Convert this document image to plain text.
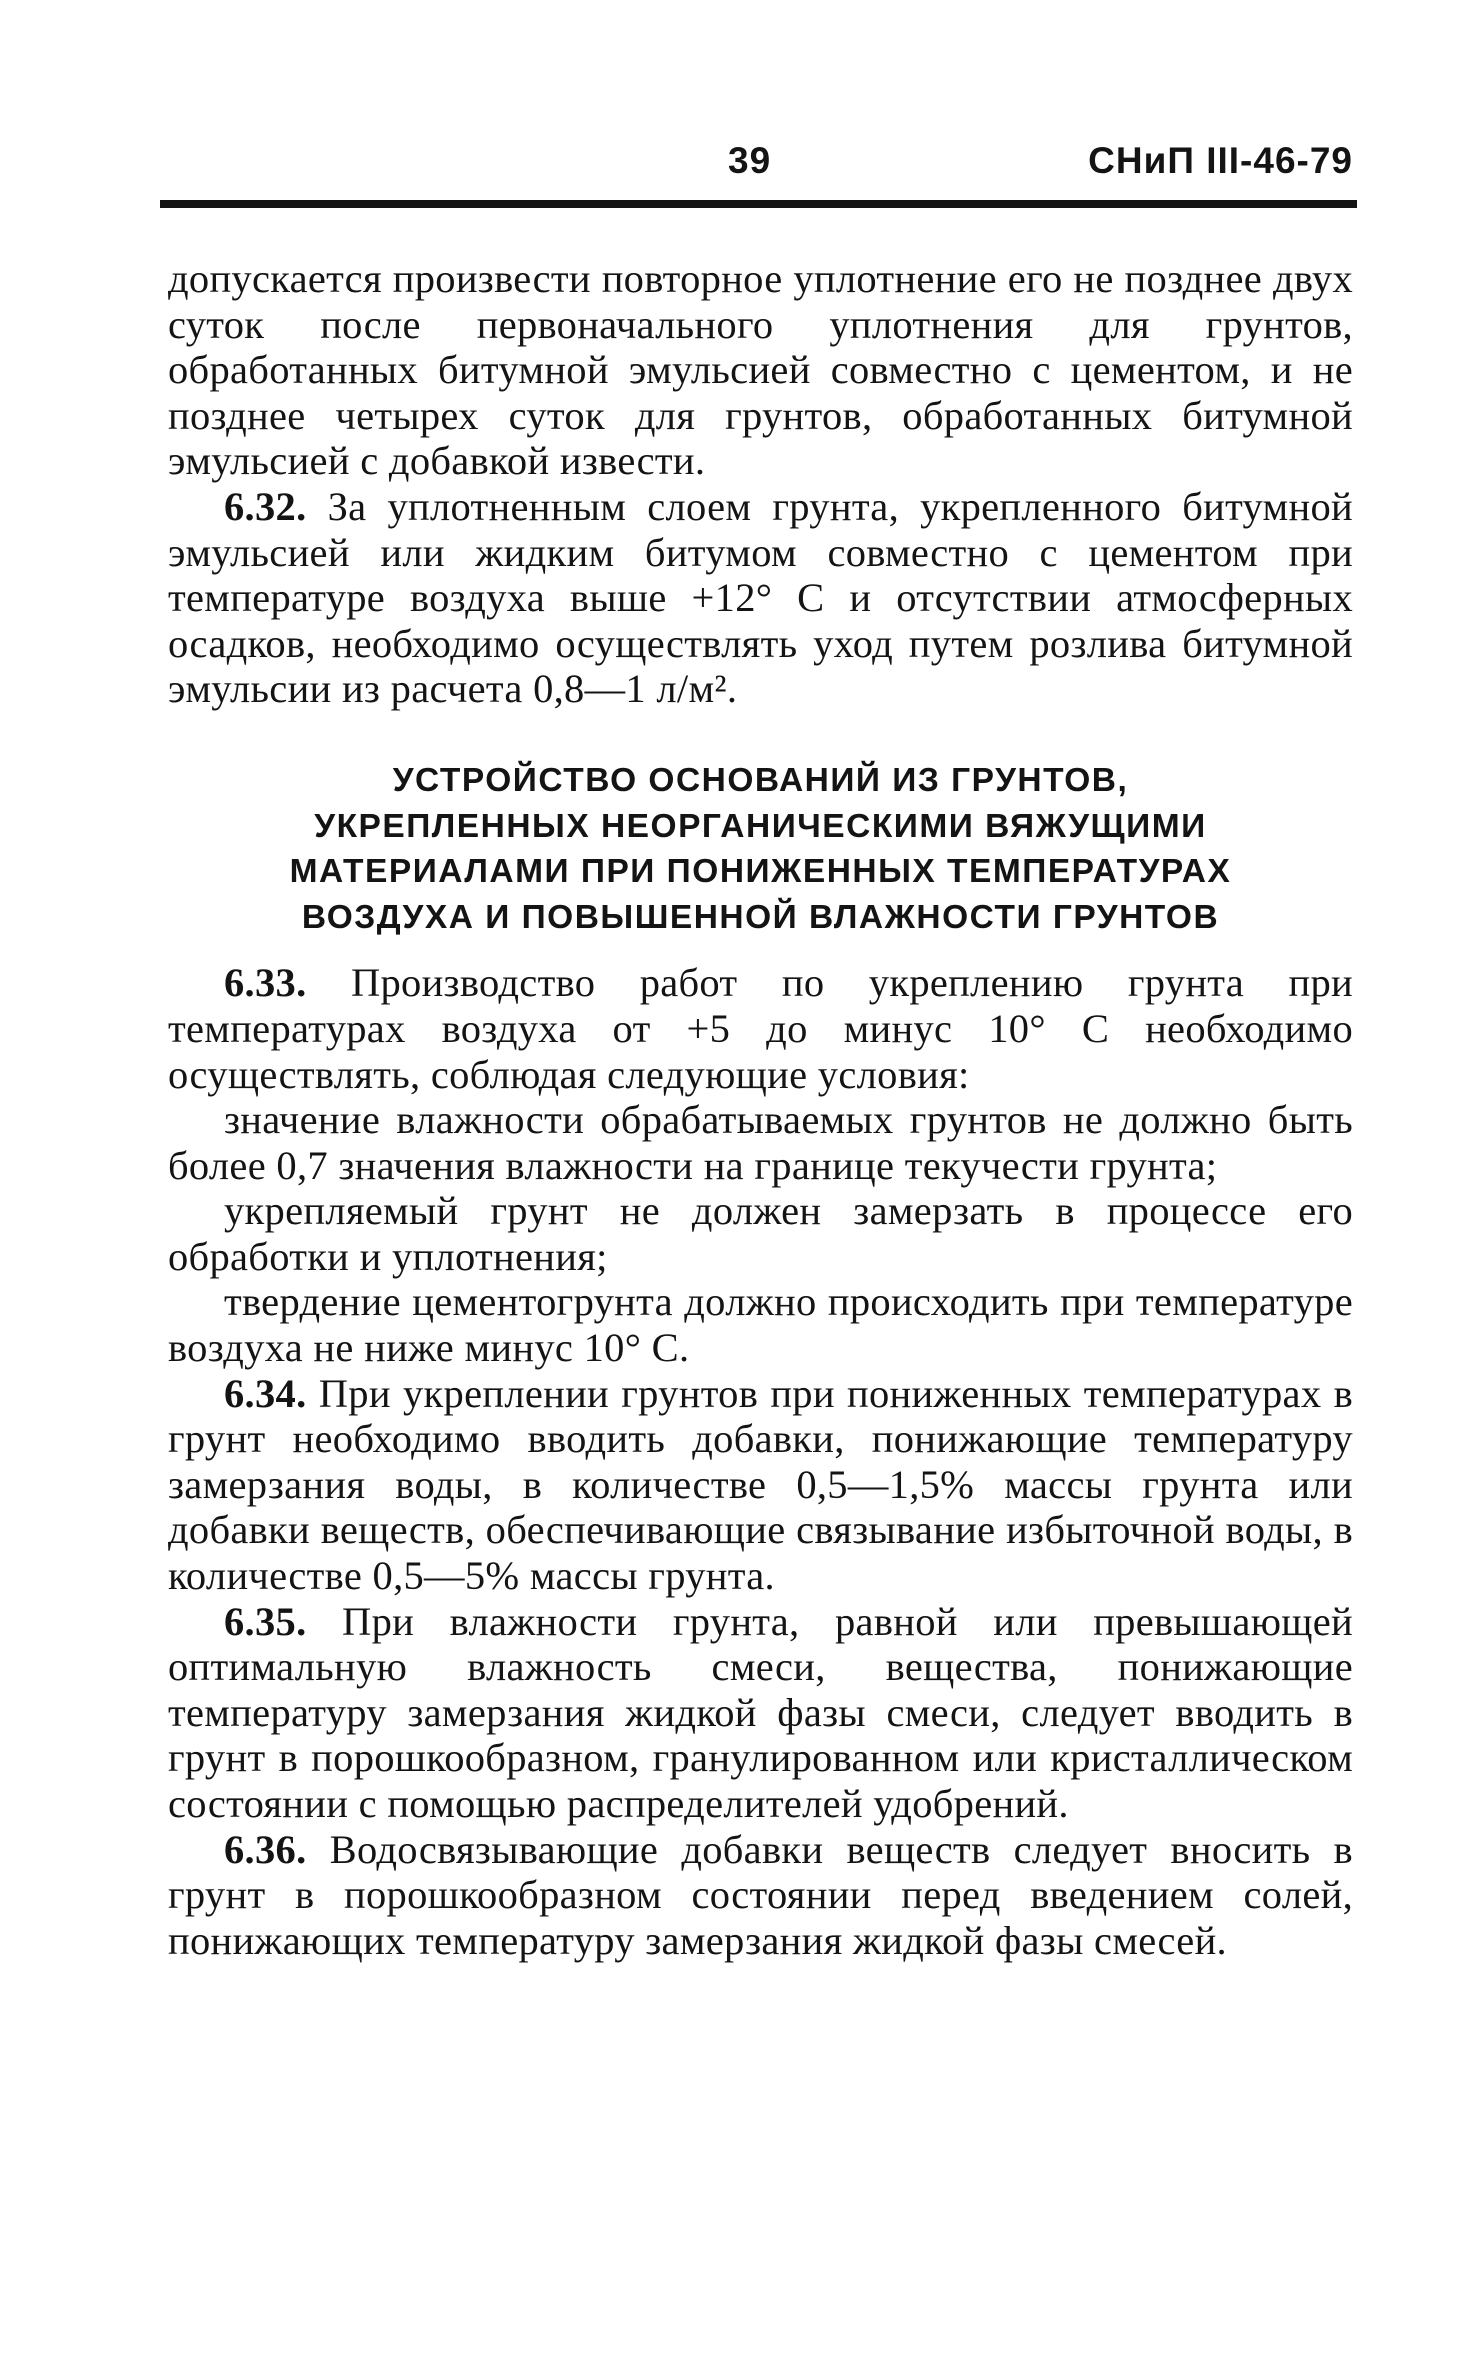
39	СНиП III-46-79

допускается произвести повторное уплотнение его не позднее двух суток после первоначального уплотнения для грунтов, обработанных битумной эмульсией совместно с цементом, и не позднее четырех суток для грунтов, обработанных битумной эмульсией с добавкой извести.

6.32. За уплотненным слоем грунта, укрепленного битумной эмульсией или жидким битумом совместно с цементом при температуре воздуха выше +12° С и отсутствии атмосферных осадков, необходимо осуществлять уход путем розлива битумной эмульсии из расчета 0,8—1 л/м².

УСТРОЙСТВО ОСНОВАНИЙ ИЗ ГРУНТОВ,
УКРЕПЛЕННЫХ НЕОРГАНИЧЕСКИМИ ВЯЖУЩИМИ
МАТЕРИАЛАМИ ПРИ ПОНИЖЕННЫХ ТЕМПЕРАТУРАХ
ВОЗДУХА И ПОВЫШЕННОЙ ВЛАЖНОСТИ ГРУНТОВ

6.33. Производство работ по укреплению грунта при температурах воздуха от +5 до минус 10° С необходимо осуществлять, соблюдая следующие условия:

значение влажности обрабатываемых грунтов не должно быть более 0,7 значения влажности на границе текучести грунта;

укрепляемый грунт не должен замерзать в процессе его обработки и уплотнения;

твердение цементогрунта должно происходить при температуре воздуха не ниже минус 10° С.

6.34. При укреплении грунтов при пониженных температурах в грунт необходимо вводить добавки, понижающие температуру замерзания воды, в количестве 0,5—1,5% массы грунта или добавки веществ, обеспечивающие связывание избыточной воды, в количестве 0,5—5% массы грунта.

6.35. При влажности грунта, равной или превышающей оптимальную влажность смеси, вещества, понижающие температуру замерзания жидкой фазы смеси, следует вводить в грунт в порошкообразном, гранулированном или кристаллическом состоянии с помощью распределителей удобрений.

6.36. Водосвязывающие добавки веществ следует вносить в грунт в порошкообразном состоянии перед введением солей, понижающих температуру замерзания жидкой фазы смесей.
